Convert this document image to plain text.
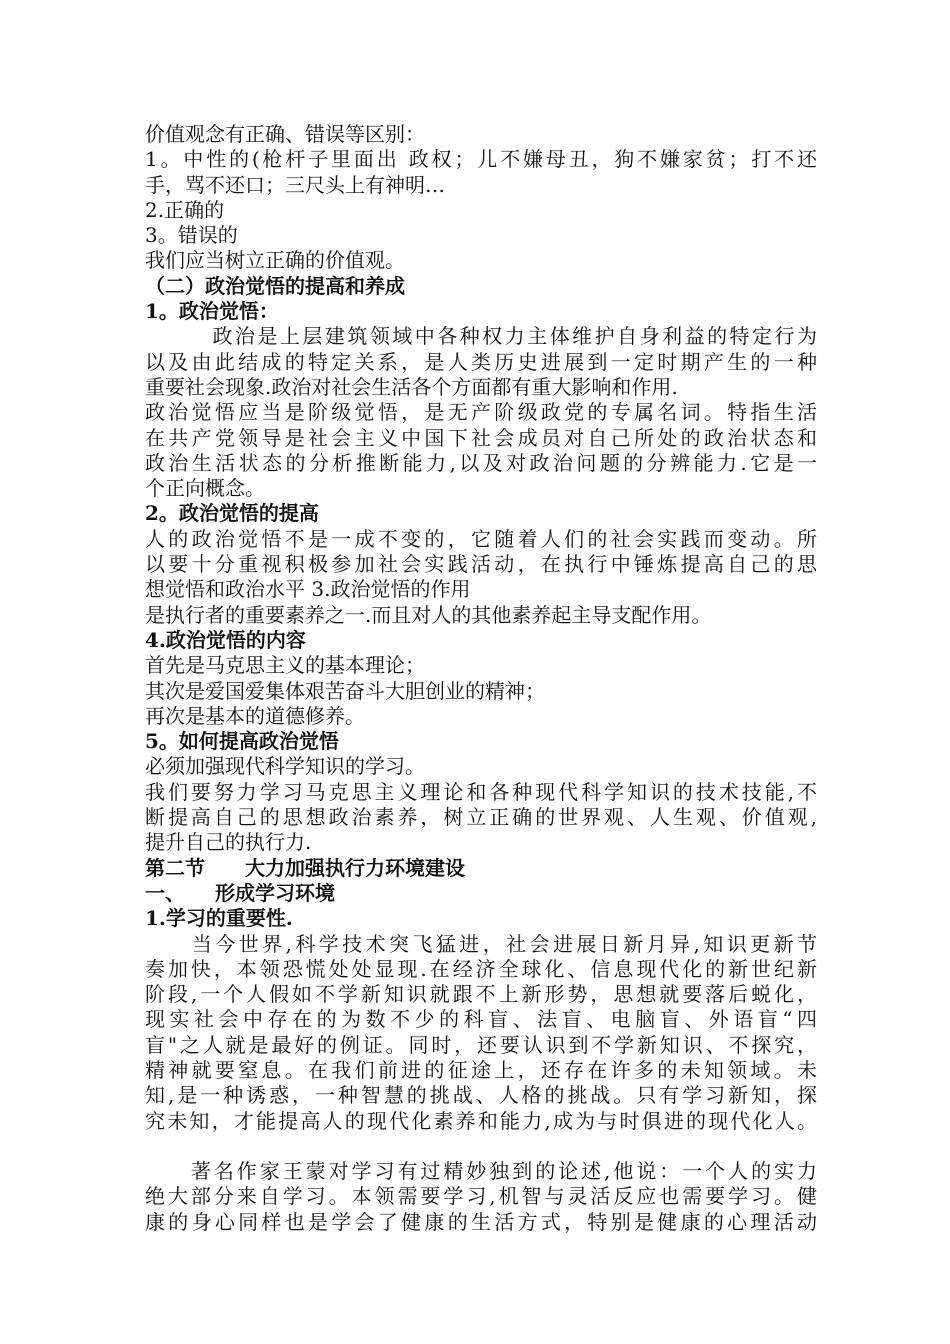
价值观念有正确、错误等区别：
1。中性的(枪杆子里面出 政权；儿不嫌母丑，狗不嫌家贫；打不还
手，骂不还口；三尺头上有神明…
2.正确的
3。错误的
我们应当树立正确的价值观。
（二）政治觉悟的提高和养成
1。政治觉悟：
　　　政治是上层建筑领域中各种权力主体维护自身利益的特定行为
以及由此结成的特定关系，是人类历史进展到一定时期产生的一种
重要社会现象.政治对社会生活各个方面都有重大影响和作用.
政治觉悟应当是阶级觉悟，是无产阶级政党的专属名词。特指生活
在共产党领导是社会主义中国下社会成员对自己所处的政治状态和
政治生活状态的分析推断能力,以及对政治问题的分辨能力.它是一
个正向概念。
2。政治觉悟的提高
人的政治觉悟不是一成不变的，它随着人们的社会实践而变动。所
以要十分重视积极参加社会实践活动，在执行中锤炼提高自己的思
想觉悟和政治水平 3.政治觉悟的作用
是执行者的重要素养之一.而且对人的其他素养起主导支配作用。
4.政治觉悟的内容
首先是马克思主义的基本理论；
其次是爱国爱集体艰苦奋斗大胆创业的精神；
再次是基本的道德修养。
5。如何提高政治觉悟
必须加强现代科学知识的学习。
我们要努力学习马克思主义理论和各种现代科学知识的技术技能,不
断提高自己的思想政治素养，树立正确的世界观、人生观、价值观,
提升自己的执行力.
第二节　　大力加强执行力环境建设
一、　　形成学习环境
1.学习的重要性.
　　当今世界,科学技术突飞猛进，社会进展日新月异,知识更新节
奏加快，本领恐慌处处显现.在经济全球化、信息现代化的新世纪新
阶段,一个人假如不学新知识就跟不上新形势，思想就要落后蜕化，
现实社会中存在的为数不少的科盲、法盲、电脑盲、外语盲“四
盲"之人就是最好的例证。同时，还要认识到不学新知识、不探究，
精神就要窒息。在我们前进的征途上，还存在许多的未知领域。未
知,是一种诱惑，一种智慧的挑战、人格的挑战。只有学习新知，探
究未知，才能提高人的现代化素养和能力,成为与时俱进的现代化人。
　　著名作家王蒙对学习有过精妙独到的论述,他说：一个人的实力
绝大部分来自学习。本领需要学习,机智与灵活反应也需要学习。健
康的身心同样也是学会了健康的生活方式，特别是健康的心理活动
